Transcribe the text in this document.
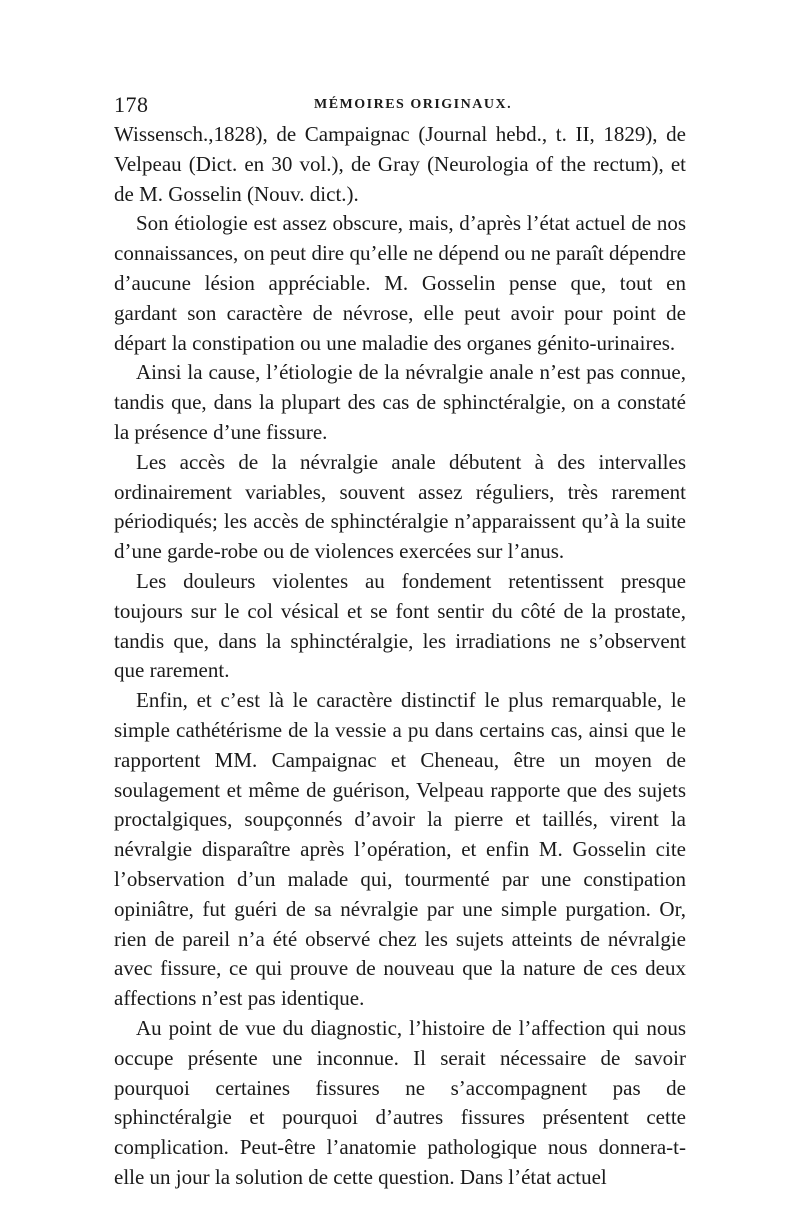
178	MÉMOIRES ORIGINAUX.

Wissensch.,1828), de Campaignac (Journal hebd., t. II, 1829), de Velpeau (Dict. en 30 vol.), de Gray (Neurologia of the rectum), et de M. Gosselin (Nouv. dict.).

Son étiologie est assez obscure, mais, d’après l’état actuel de nos connaissances, on peut dire qu’elle ne dépend ou ne paraît dépendre d’aucune lésion appréciable. M. Gosselin pense que, tout en gardant son caractère de névrose, elle peut avoir pour point de départ la constipation ou une maladie des organes génito-urinaires.

Ainsi la cause, l’étiologie de la névralgie anale n’est pas connue, tandis que, dans la plupart des cas de sphinctéralgie, on a constaté la présence d’une fissure.

Les accès de la névralgie anale débutent à des intervalles ordinairement variables, souvent assez réguliers, très rarement périodiqués; les accès de sphinctéralgie n’apparaissent qu’à la suite d’une garde-robe ou de violences exercées sur l’anus.

Les douleurs violentes au fondement retentissent presque toujours sur le col vésical et se font sentir du côté de la prostate, tandis que, dans la sphinctéralgie, les irradiations ne s’observent que rarement.

Enfin, et c’est là le caractère distinctif le plus remarquable, le simple cathétérisme de la vessie a pu dans certains cas, ainsi que le rapportent MM. Campaignac et Cheneau, être un moyen de soulagement et même de guérison, Velpeau rapporte que des sujets proctalgiques, soupçonnés d’avoir la pierre et taillés, virent la névralgie disparaître après l’opération, et enfin M. Gosselin cite l’observation d’un malade qui, tourmenté par une constipation opiniâtre, fut guéri de sa névralgie par une simple purgation. Or, rien de pareil n’a été observé chez les sujets atteints de névralgie avec fissure, ce qui prouve de nouveau que la nature de ces deux affections n’est pas identique.

Au point de vue du diagnostic, l’histoire de l’affection qui nous occupe présente une inconnue. Il serait nécessaire de savoir pourquoi certaines fissures ne s’accompagnent pas de sphinctéralgie et pourquoi d’autres fissures présentent cette complication. Peut-être l’anatomie pathologique nous donnera-t-elle un jour la solution de cette question. Dans l’état actuel
